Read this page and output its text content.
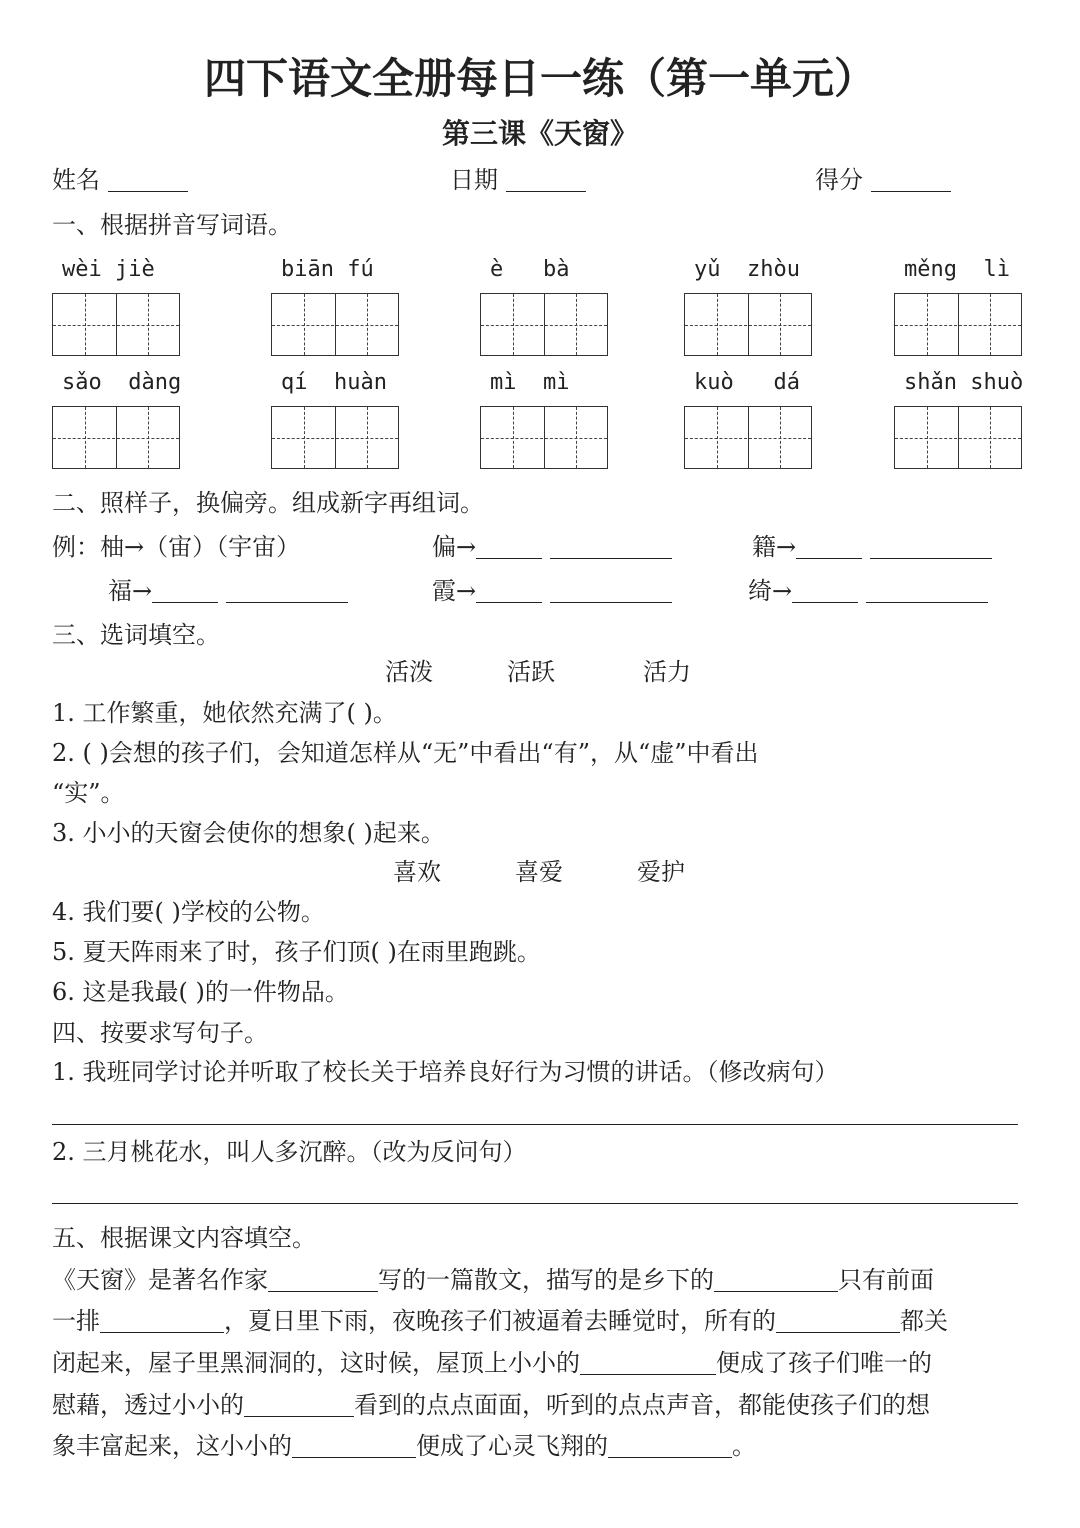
四下语文全册每日一练（第一单元）
第三课《天窗》
姓名	日期	得分
一、根据拼音写词语。
wèi jiè	biān fú	è   bà	yǔ  zhòu	měng  lì
sǎo  dàng	qí  huàn	mì  mì	kuò   dá	shǎn shuò
二、照样子，换偏旁。组成新字再组词。
例：柚→（宙）（宇宙）	偏→	籍→
福→	霞→	绮→
三、选词填空。
活泼	活跃	活力
1. 工作繁重，她依然充满了( )。
2. ( )会想的孩子们，会知道怎样从“无”中看出“有”，从“虚”中看出
“实”。
3. 小小的天窗会使你的想象( )起来。
喜欢	喜爱	爱护
4. 我们要( )学校的公物。
5. 夏天阵雨来了时，孩子们顶( )在雨里跑跳。
6. 这是我最( )的一件物品。
四、按要求写句子。
1. 我班同学讨论并听取了校长关于培养良好行为习惯的讲话。（修改病句）
2. 三月桃花水，叫人多沉醉。（改为反问句）
五、根据课文内容填空。
《天窗》是著名作家	写的一篇散文，描写的是乡下的	只有前面
一排	，夏日里下雨，夜晚孩子们被逼着去睡觉时，所有的	都关
闭起来，屋子里黑洞洞的，这时候，屋顶上小小的	便成了孩子们唯一的
慰藉，透过小小的	看到的点点面面，听到的点点声音，都能使孩子们的想
象丰富起来，这小小的	便成了心灵飞翔的	。
